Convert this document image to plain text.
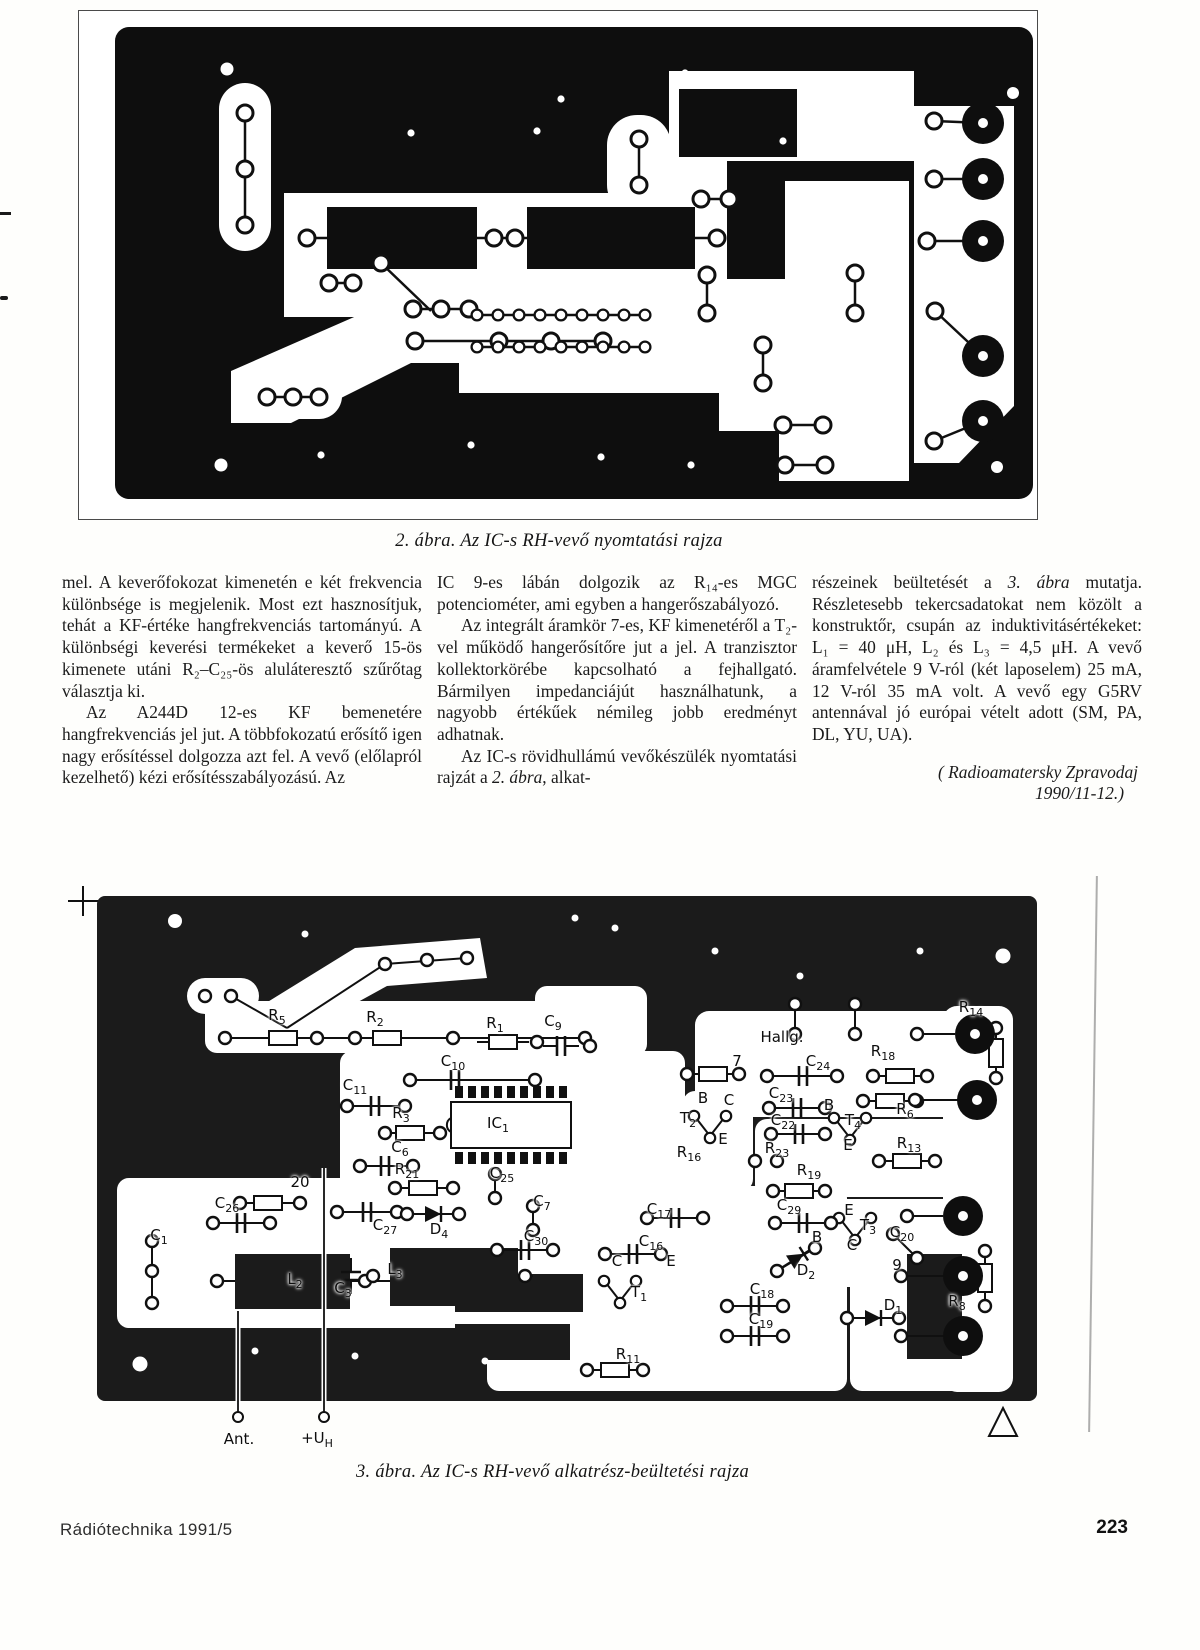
2. ábra. Az IC-s RH-vevő nyomtatási rajza

mel. A keverőfokozat kimenetén e két frekvencia különbsége is megjelenik. Most ezt hasznosítjuk, tehát a KF-értéke hangfrekvenciás tartományú. A különbségi keverési termékeket a keverő 15-ös kimenete utáni R₂–C₂₅-ös aluláteresztő szűrőtag választja ki.

Az A244D 12-es KF bemenetére hangfrekvenciás jel jut. A többfokozatú erősítő igen nagy erősítéssel dolgozza azt fel. A vevő (előlapról kezelhető) kézi erősítésszabályozású. Az

IC 9-es lábán dolgozik az R₁₄-es MGC potenciométer, ami egyben a hangerőszabályozó.

Az integrált áramkör 7-es, KF kimenetéről a T₂-vel működő hangerősítőre jut a jel. A tranzisztor kollektorkörébe kapcsolható a fejhallgató. Bármilyen impedanciájút használhatunk, a nagyobb értékűek némileg jobb eredményt adhatnak.

Az IC-s rövidhullámú vevőkészülék nyomtatási rajzát a 2. ábra, alkat-

részeinek beültetését a 3. ábra mutatja. Részletesebb tekercsadatokat nem közölt a konstruktőr, csupán az induktivitásértékeket: L₁ = 40 μH, L₂ és L₃ = 4,5 μH. A vevő áramfelvétele 9 V-ról (két laposelem) 25 mA, 12 V-ról 35 mA volt. A vevő egy G5RV antennával jó európai vételt adott (SM, PA, DL, YU, UA).

( Radioamatersky Zpravodaj
1990/11-12.)

$R_5$	$R_2$	$R_1$	$C_9$
$C_{10}$
$C_{11}$
$R_3$	$IC_1$
$C_6$
$R_{21}$
20
$C_{26}$
$C_{27}$ $D_4$
$C_{25}$
$C_7$
$C_{30}$
$C_1$
$L_2$ $C_3$
$L_3$
$C_{17}$
$C_{16}$
C	E
$T_1$	$C_{18}$
$C_{19}$
$R_{11}$
Hallg.
7	$C_{24}$
$R_{18}$
$C_{23}$
$C_{22}$
B C
$T_2$
E
$R_{16}$
B
$T_4$
E
$R_6$
$R_{14}$
$R_{13}$
$R_{23}$
$R_{19}$
$C_{29}$	E
B C
$T_3$
$D_2$
$C_{20}$
9
$D_1$
$R_8$
Ant.	$+U_H$
3. ábra. Az IC-s RH-vevő alkatrész-beültetési rajza
Rádiótechnika 1991/5	223
